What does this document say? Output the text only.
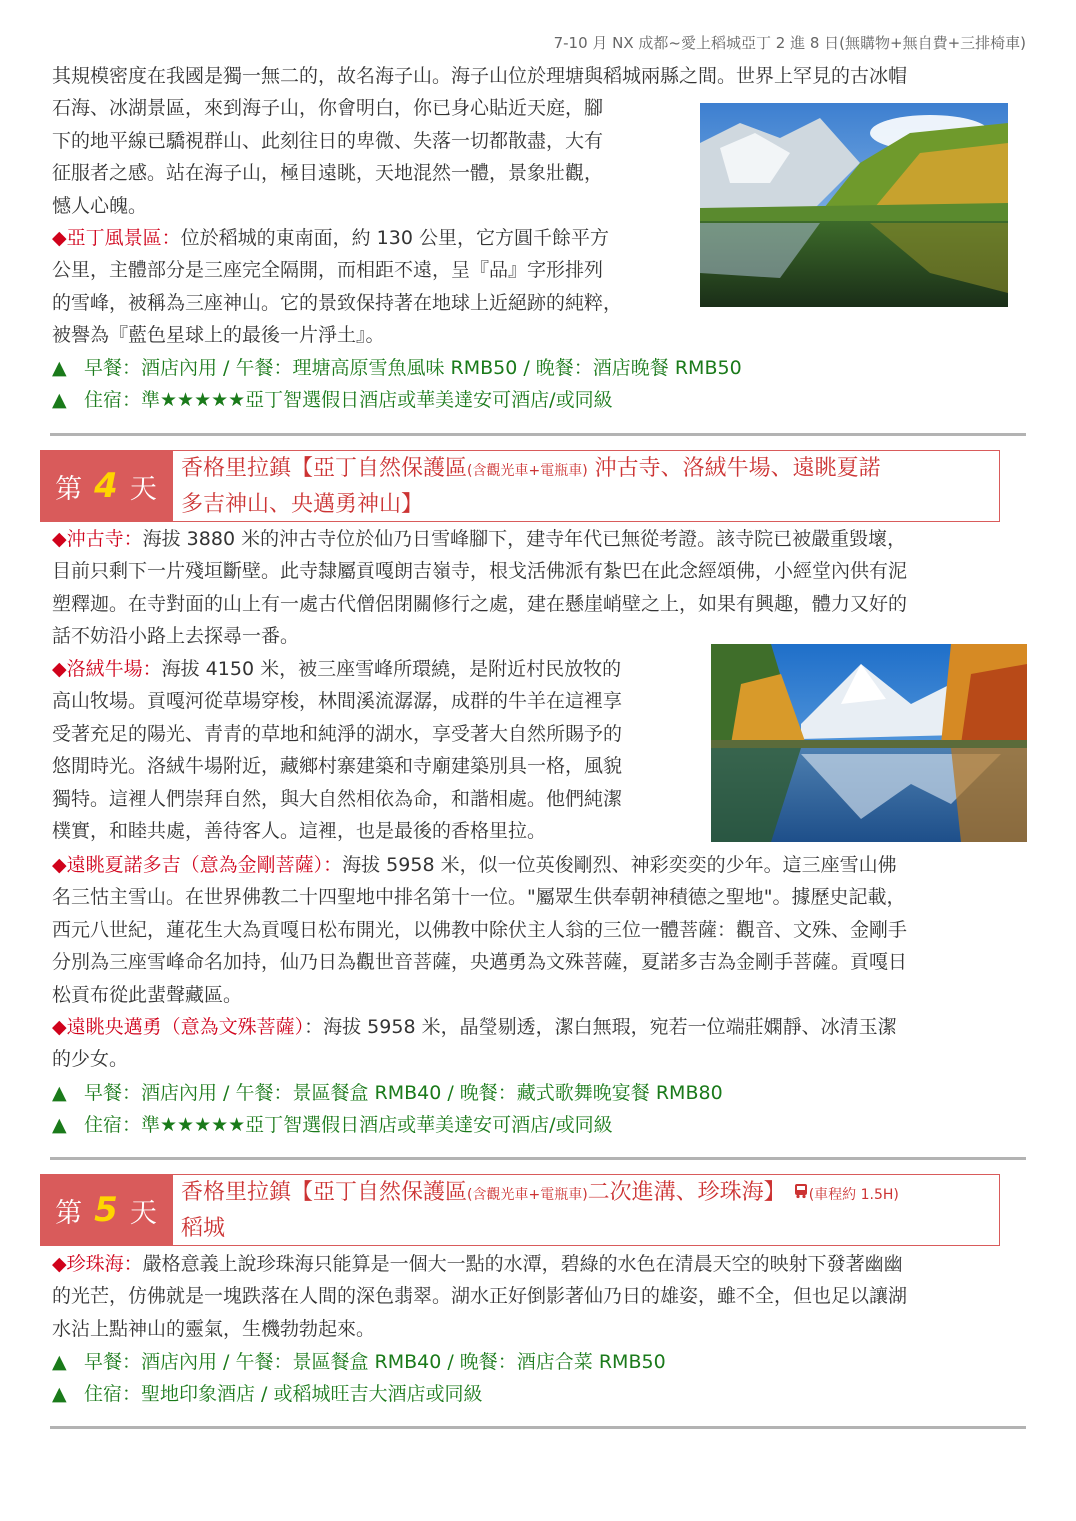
7-10 月 NX 成都~愛上稻城亞丁 2 進 8 日(無購物+無自費+三排椅車)
其規模密度在我國是獨一無二的，故名海子山。海子山位於理塘與稻城兩縣之間。世界上罕見的古冰帽
石海、冰湖景區，來到海子山，你會明白，你已身心貼近天庭，腳
下的地平線已驕視群山、此刻往日的卑微、失落一切都散盡，大有
征服者之感。站在海子山，極目遠眺，天地混然一體，景象壯觀，
憾人心魄。
◆亞丁風景區：位於稻城的東南面，約 130 公里，它方圓千餘平方
公里，主體部分是三座完全隔開，而相距不遠，呈『品』字形排列
的雪峰，被稱為三座神山。它的景致保持著在地球上近絕跡的純粹，
被譽為『藍色星球上的最後一片淨土』。
▲ 早餐：酒店內用 / 午餐：理塘高原雪魚風味 RMB50 / 晚餐：酒店晚餐 RMB50
▲ 住宿：準★★★★★亞丁智選假日酒店或華美達安可酒店/或同級
第 4 天
香格里拉鎮【亞丁自然保護區(含觀光車+電瓶車) 沖古寺、洛絨牛場、遠眺夏諾
多吉神山、央邁勇神山】
◆沖古寺：海拔 3880 米的沖古寺位於仙乃日雪峰腳下，建寺年代已無從考證。該寺院已被嚴重毀壞，
目前只剩下一片殘垣斷壁。此寺隸屬貢嘎朗吉嶺寺，根戈活佛派有紮巴在此念經頌佛，小經堂內供有泥
塑釋迦。在寺對面的山上有一處古代僧侶閉關修行之處，建在懸崖峭壁之上，如果有興趣，體力又好的
話不妨沿小路上去探尋一番。
◆洛絨牛場：海拔 4150 米，被三座雪峰所環繞，是附近村民放牧的
高山牧場。貢嘎河從草場穿梭，林間溪流潺潺，成群的牛羊在這裡享
受著充足的陽光、青青的草地和純淨的湖水，享受著大自然所賜予的
悠閒時光。洛絨牛場附近，藏鄉村寨建築和寺廟建築別具一格，風貌
獨特。這裡人們崇拜自然，與大自然相依為命，和諧相處。他們純潔
樸實，和睦共處，善待客人。這裡，也是最後的香格里拉。
◆遠眺夏諾多吉（意為金剛菩薩）：海拔 5958 米，似一位英俊剛烈、神彩奕奕的少年。這三座雪山佛
名三怙主雪山。在世界佛教二十四聖地中排名第十一位。"屬眾生供奉朝神積德之聖地"。據歷史記載，
西元八世紀，蓮花生大為貢嘎日松布開光，以佛教中除伏主人翁的三位一體菩薩：觀音、文殊、金剛手
分別為三座雪峰命名加持，仙乃日為觀世音菩薩，央邁勇為文殊菩薩，夏諾多吉為金剛手菩薩。貢嘎日
松貢布從此蜚聲藏區。
◆遠眺央邁勇（意為文殊菩薩）：海拔 5958 米，晶瑩剔透，潔白無瑕，宛若一位端莊嫻靜、冰清玉潔
的少女。
▲ 早餐：酒店內用 / 午餐：景區餐盒 RMB40 / 晚餐：藏式歌舞晚宴餐 RMB80
▲ 住宿：準★★★★★亞丁智選假日酒店或華美達安可酒店/或同級
第 5 天
香格里拉鎮【亞丁自然保護區(含觀光車+電瓶車)二次進溝、珍珠海】 (車程約 1.5H)
稻城
◆珍珠海：嚴格意義上說珍珠海只能算是一個大一點的水潭，碧綠的水色在清晨天空的映射下發著幽幽
的光芒，仿佛就是一塊跌落在人間的深色翡翠。湖水正好倒影著仙乃日的雄姿，雖不全，但也足以讓湖
水沾上點神山的靈氣，生機勃勃起來。
▲ 早餐：酒店內用 / 午餐：景區餐盒 RMB40 / 晚餐：酒店合菜 RMB50
▲ 住宿：聖地印象酒店 / 或稻城旺吉大酒店或同級
